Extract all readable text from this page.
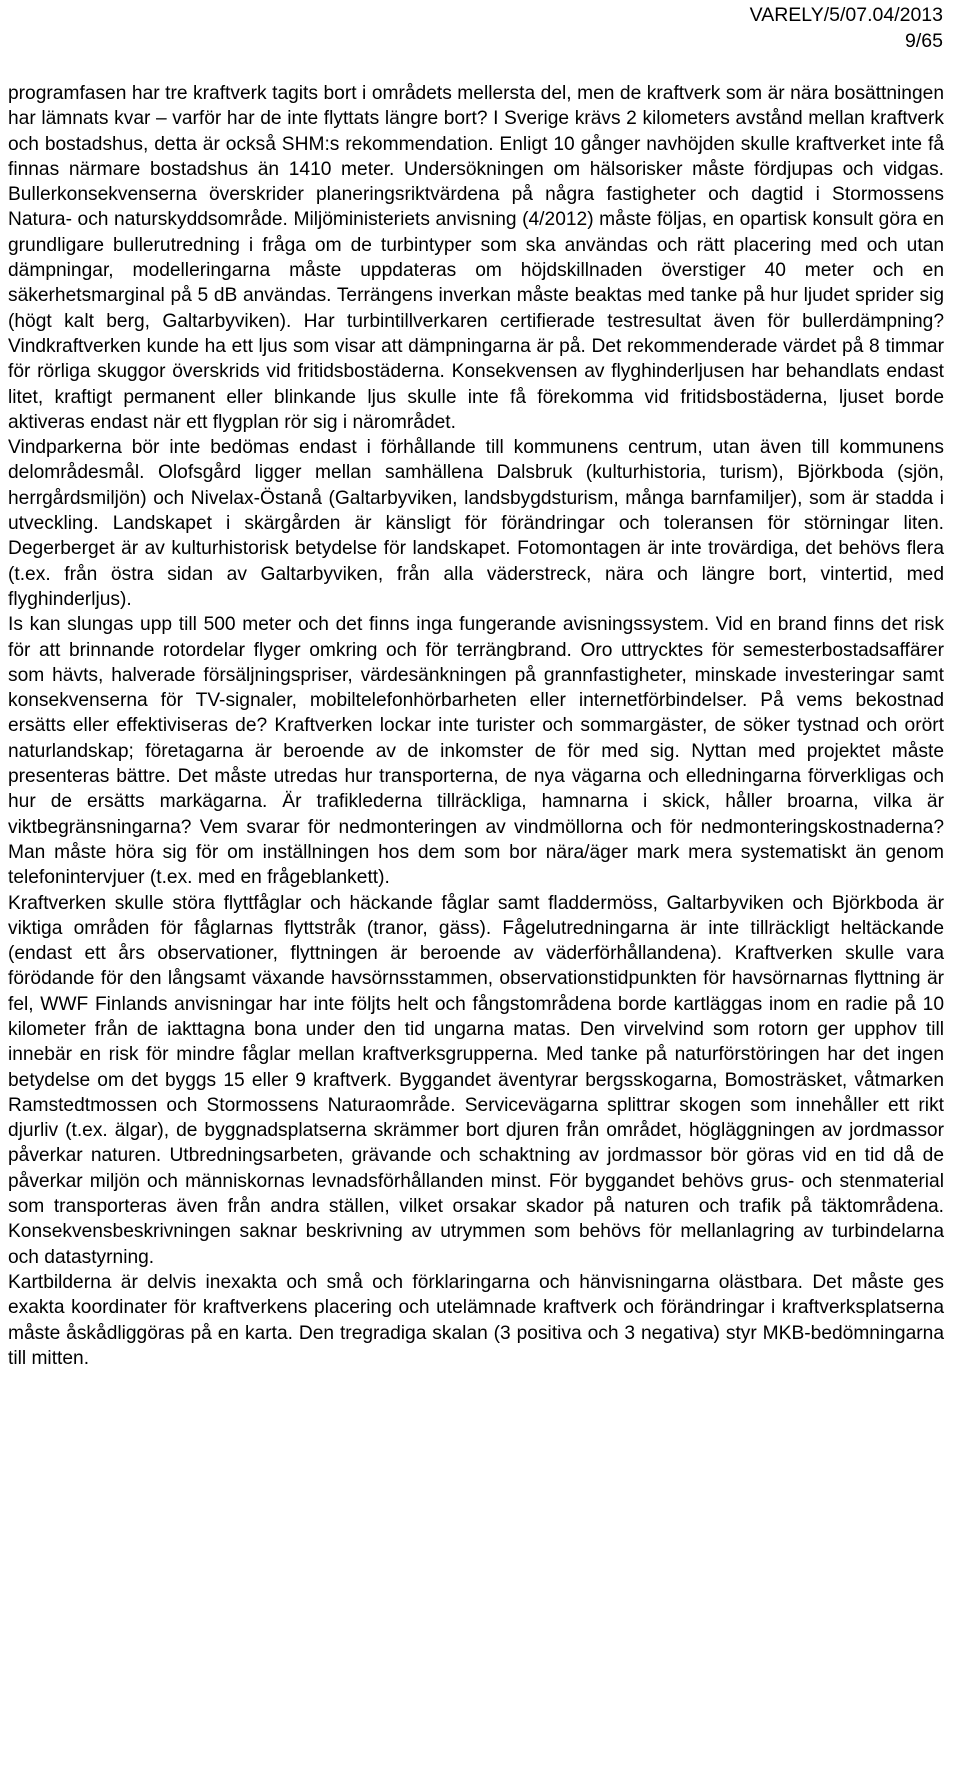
VARELY/5/07.04/2013
9/65

programfasen har tre kraftverk tagits bort i områdets mellersta del, men de kraftverk som är nära bosättningen har lämnats kvar – varför har de inte flyttats längre bort? I Sverige krävs 2 kilometers avstånd mellan kraftverk och bostadshus, detta är också SHM:s rekommendation. Enligt 10 gånger navhöjden skulle kraftverket inte få finnas närmare bostadshus än 1410 meter. Undersökningen om hälsorisker måste fördjupas och vidgas. Bullerkonsekvenserna överskrider planeringsriktvärdena på några fastigheter och dagtid i Stormossens Natura- och naturskyddsområde. Miljöministeriets anvisning (4/2012) måste följas, en opartisk konsult göra en grundligare bullerutredning i fråga om de turbintyper som ska användas och rätt placering med och utan dämpningar, modelleringarna måste uppdateras om höjdskillnaden överstiger 40 meter och en säkerhetsmarginal på 5 dB användas. Terrängens inverkan måste beaktas med tanke på hur ljudet sprider sig (högt kalt berg, Galtarbyviken). Har turbintillverkaren certifierade testresultat även för bullerdämpning? Vindkraftverken kunde ha ett ljus som visar att dämpningarna är på. Det rekommenderade värdet på 8 timmar för rörliga skuggor överskrids vid fritidsbostäderna. Konsekvensen av flyghinderljusen har behandlats endast litet, kraftigt permanent eller blinkande ljus skulle inte få förekomma vid fritidsbostäderna, ljuset borde aktiveras endast när ett flygplan rör sig i närområdet.

Vindparkerna bör inte bedömas endast i förhållande till kommunens centrum, utan även till kommunens delområdesmål. Olofsgård ligger mellan samhällena Dalsbruk (kulturhistoria, turism), Björkboda (sjön, herrgårdsmiljön) och Nivelax-Östanå (Galtarbyviken, landsbygdsturism, många barnfamiljer), som är stadda i utveckling. Landskapet i skärgården är känsligt för förändringar och toleransen för störningar liten. Degerberget är av kulturhistorisk betydelse för landskapet. Fotomontagen är inte trovärdiga, det behövs flera (t.ex. från östra sidan av Galtarbyviken, från alla väderstreck, nära och längre bort, vintertid, med flyghinderljus).

Is kan slungas upp till 500 meter och det finns inga fungerande avisningssystem. Vid en brand finns det risk för att brinnande rotordelar flyger omkring och för terrängbrand. Oro uttrycktes för semesterbostadsaffärer som hävts, halverade försäljningspriser, värdesänkningen på grannfastigheter, minskade investeringar samt konsekvenserna för TV-signaler, mobiltelefonhörbarheten eller internetförbindelser. På vems bekostnad ersätts eller effektiviseras de? Kraftverken lockar inte turister och sommargäster, de söker tystnad och orört naturlandskap; företagarna är beroende av de inkomster de för med sig. Nyttan med projektet måste presenteras bättre. Det måste utredas hur transporterna, de nya vägarna och elledningarna förverkligas och hur de ersätts markägarna. Är trafiklederna tillräckliga, hamnarna i skick, håller broarna, vilka är viktbegränsningarna? Vem svarar för nedmonteringen av vindmöllorna och för nedmonteringskostnaderna? Man måste höra sig för om inställningen hos dem som bor nära/äger mark mera systematiskt än genom telefonintervjuer (t.ex. med en frågeblankett).

Kraftverken skulle störa flyttfåglar och häckande fåglar samt fladdermöss, Galtarbyviken och Björkboda är viktiga områden för fåglarnas flyttstråk (tranor, gäss). Fågelutredningarna är inte tillräckligt heltäckande (endast ett års observationer, flyttningen är beroende av väderförhållandena). Kraftverken skulle vara förödande för den långsamt växande havsörnsstammen, observationstidpunkten för havsörnarnas flyttning är fel, WWF Finlands anvisningar har inte följts helt och fångstområdena borde kartläggas inom en radie på 10 kilometer från de iakttagna bona under den tid ungarna matas. Den virvelvind som rotorn ger upphov till innebär en risk för mindre fåglar mellan kraftverksgrupperna. Med tanke på naturförstöringen har det ingen betydelse om det byggs 15 eller 9 kraftverk. Byggandet äventyrar bergsskogarna, Bomosträsket, våtmarken Ramstedtmossen och Stormossens Naturaområde. Servicevägarna splittrar skogen som innehåller ett rikt djurliv (t.ex. älgar), de byggnadsplatserna skrämmer bort djuren från området, högläggningen av jordmassor påverkar naturen. Utbredningsarbeten, grävande och schaktning av jordmassor bör göras vid en tid då de påverkar miljön och människornas levnadsförhållanden minst. För byggandet behövs grus- och stenmaterial som transporteras även från andra ställen, vilket orsakar skador på naturen och trafik på täktområdena. Konsekvensbeskrivningen saknar beskrivning av utrymmen som behövs för mellanlagring av turbindelarna och datastyrning.

Kartbilderna är delvis inexakta och små och förklaringarna och hänvisningarna olästbara. Det måste ges exakta koordinater för kraftverkens placering och utelämnade kraftverk och förändringar i kraftverksplatserna måste åskådliggöras på en karta. Den tregradiga skalan (3 positiva och 3 negativa) styr MKB-bedömningarna till mitten.
